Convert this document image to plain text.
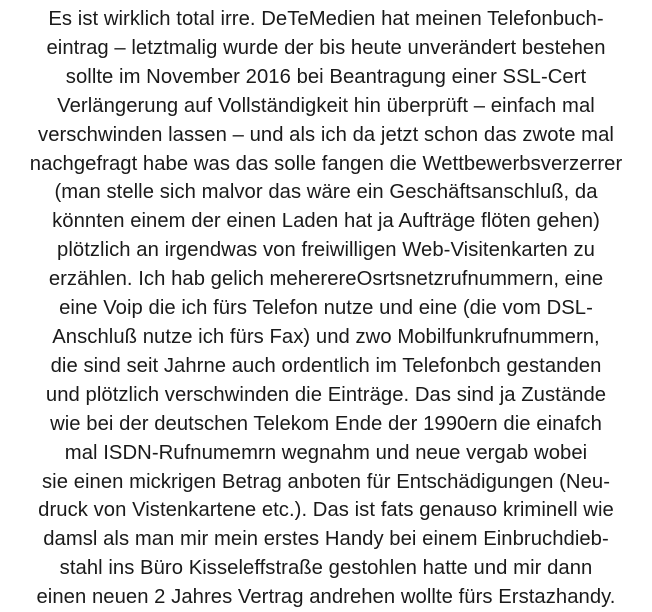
Es ist wirklich total irre. DeTeMedien hat meinen Telefonbuch-
eintrag – letztmalig wurde der bis heute unverändert bestehen
sollte im November 2016 bei Beantragung einer SSL-Cert
Verlängerung auf Vollständigkeit hin überprüft – einfach mal
verschwinden lassen – und als ich da jetzt schon das zwote mal
nachgefragt habe was das solle fangen die Wettbewerbsverzerrer
(man stelle sich malvor das wäre ein Geschäftsanschluß, da
könnten einem der einen Laden hat ja Aufträge flöten gehen)
plötzlich an irgendwas von freiwilligen Web-Visitenkarten zu
erzählen. Ich hab gelich mehererеOsrtsnetzrufnummern, eine
eine Voip die ich fürs Telefon nutze und eine (die vom DSL-
Anschluß nutze ich fürs Fax) und zwo Mobilfunkrufnummern,
die sind seit Jahrne auch ordentlich im Telefonbch gestanden
und plötzlich verschwinden die Einträge. Das sind ja Zustände
wie bei der deutschen Telekom Ende der 1990ern die einafch
mal ISDN-Rufnumemrn wegnahm und neue vergab wobei
sie einen mickrigen Betrag anboten für Entschädigungen (Neu-
druck von Vistenkartene etc.). Das ist fats genauso kriminell wie
damsl als man mir mein erstes Handy bei einem Einbruchdieb-
stahl ins Büro Kisseleffstraße gestohlen hatte und mir dann
einen neuen 2 Jahres Vertrag andrehen wollte fürs Erstazhandy.
